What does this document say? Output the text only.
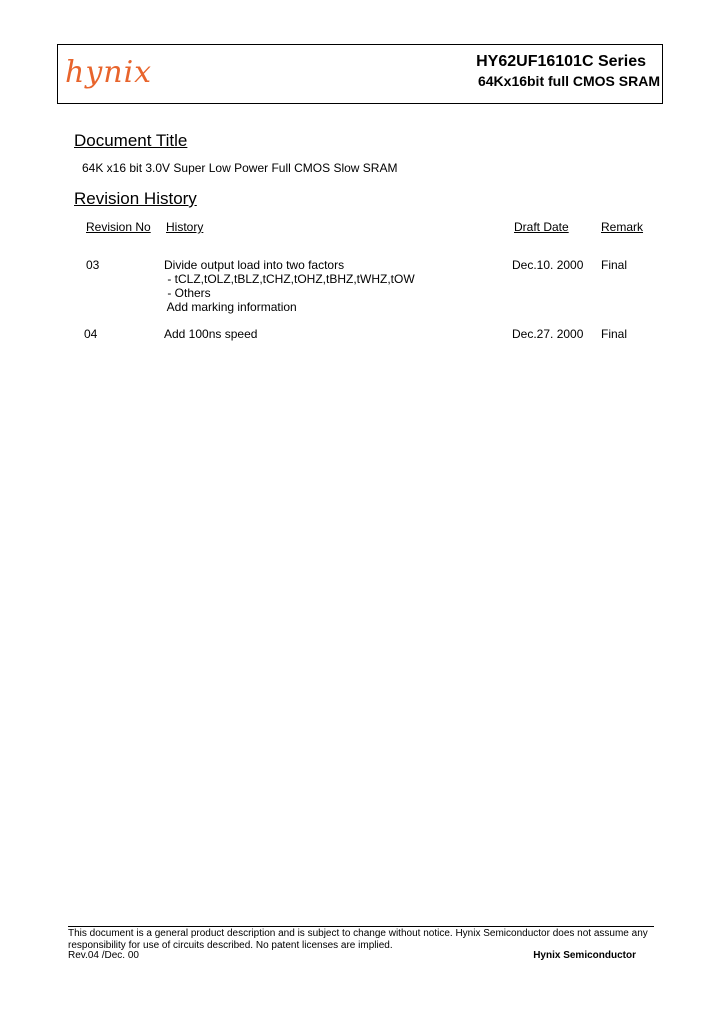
hynix	HY62UF16101C Series
64Kx16bit full CMOS SRAM
Document Title
64K x16 bit 3.0V Super Low Power Full CMOS Slow SRAM
Revision History
Revision No History	Draft Date	Remark
03	Divide output load into two factors
- tCLZ,tOLZ,tBLZ,tCHZ,tOHZ,tBHZ,tWHZ,tOW
- Others
Add marking information
Dec.10. 2000 Final
04	Add 100ns speed	Dec.27. 2000 Final
This document is a general product description and is subject to change without notice. Hynix Semiconductor does not assume any responsibility for use of circuits described. No patent licenses are implied.
Rev.04 /Dec. 00	Hynix Semiconductor
